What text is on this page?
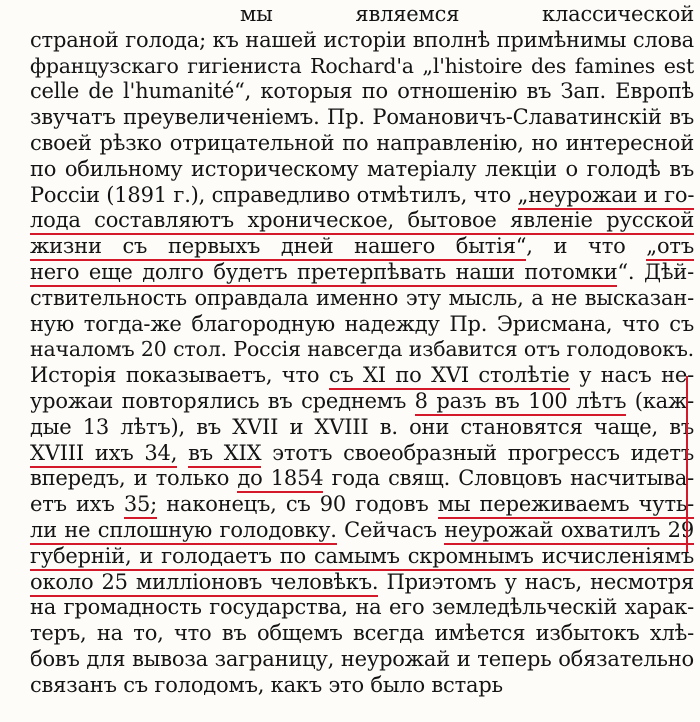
мы являемся классической
страной голода; къ нашей исторіи вполнѣ примѣнимы слова
французскаго гигіениста Rochard'а „l'histoire des famines est
celle de l'humanité“, которыя по отношенію въ Зап. Европѣ
звучатъ преувеличеніемъ. Пр. Романовичъ-Славатинскій въ
своей рѣзко отрицательной по направленію, но интересной
по обильному историческому матеріалу лекціи о голодѣ въ
Россіи (1891 г.), справедливо отмѣтилъ, что „неурожаи и го-
лода составляютъ хроническое, бытовое явленіе русской
жизни съ первыхъ дней нашего бытія“, и что „отъ
него еще долго будетъ претерпѣвать наши потомки“. Дѣй-
ствительность оправдала именно эту мысль, а не высказан-
ную тогда-же благородную надежду Пр. Эрисмана, что съ
началомъ 20 стол. Россія навсегда избавится отъ голодовокъ.
Исторія показываетъ, что съ XI по XVI столѣтіе у насъ не-
урожаи повторялись въ среднемъ 8 разъ въ 100 лѣтъ (каж-
дые 13 лѣтъ), въ XVII и XVIII в. они становятся чаще, въ
XVIII ихъ 34, въ XIX этотъ своеобразный прогрессъ идетъ
впередъ, и только до 1854 года свящ. Словцовъ насчитыва-
етъ ихъ 35; наконецъ, съ 90 годовъ мы переживаемъ чуть-
ли не сплошную голодовку. Сейчасъ неурожай охватилъ 29
губерній, и голодаетъ по самымъ скромнымъ исчисленіямъ
около 25 милліоновъ человѣкъ. Приэтомъ у насъ, несмотря
на громадность государства, на его земледѣльческій харак-
теръ, на то, что въ общемъ всегда имѣется избытокъ хлѣ-
бовъ для вывоза заграницу, неурожай и теперь обязательно
связанъ съ голодомъ, какъ это было встарь
